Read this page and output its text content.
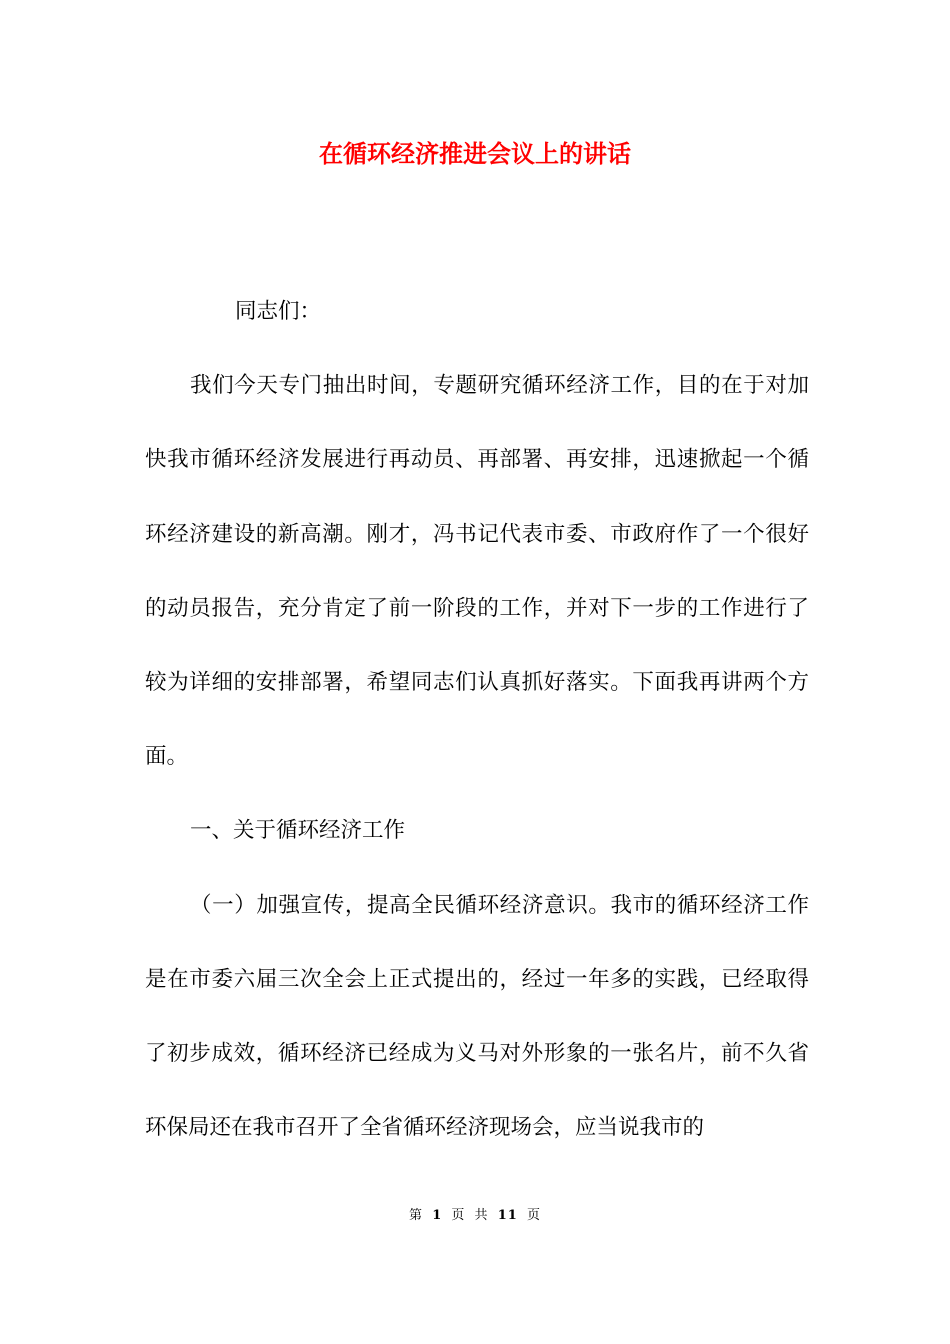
在循环经济推进会议上的讲话

同志们：

我们今天专门抽出时间，专题研究循环经济工作，目的在于对加快我市循环经济发展进行再动员、再部署、再安排，迅速掀起一个循环经济建设的新高潮。刚才，冯书记代表市委、市政府作了一个很好的动员报告，充分肯定了前一阶段的工作，并对下一步的工作进行了较为详细的安排部署，希望同志们认真抓好落实。下面我再讲两个方面。

一、关于循环经济工作

（一）加强宣传，提高全民循环经济意识。我市的循环经济工作是在市委六届三次全会上正式提出的，经过一年多的实践，已经取得了初步成效，循环经济已经成为义马对外形象的一张名片，前不久省环保局还在我市召开了全省循环经济现场会，应当说我市的

第 1 页 共 11 页
